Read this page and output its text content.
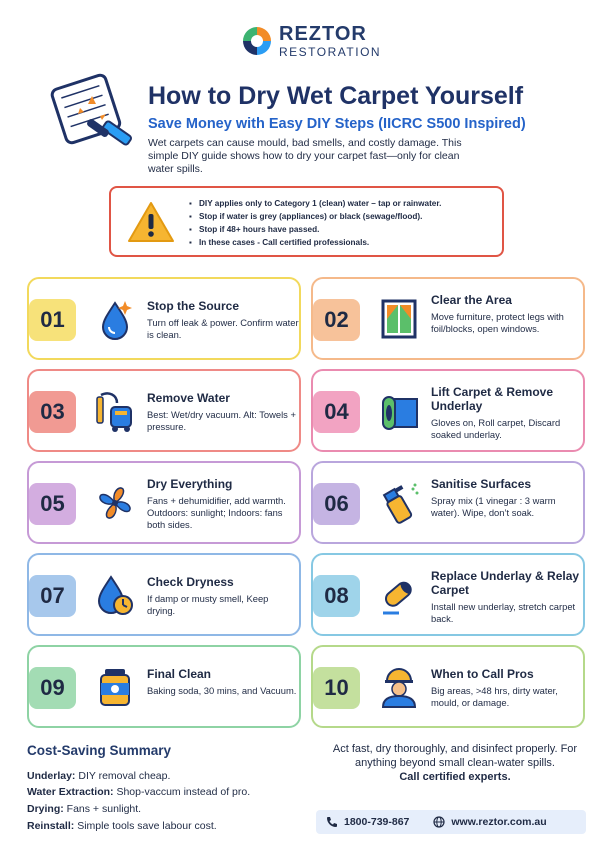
REZTOR
RESTORATION
How to Dry Wet Carpet Yourself
Save Money with Easy DIY Steps (IICRC S500 Inspired)
Wet carpets can cause mould, bad smells, and costly damage. This simple DIY guide shows how to dry your carpet fast—only for clean water spills.
▪ DIY applies only to Category 1 (clean) water – tap or rainwater.
▪ Stop if water is grey (appliances) or black (sewage/flood).
▪ Stop if 48+ hours have passed.
▪ In these cases - Call certified professionals.
01
Stop the Source
Turn off leak & power. Confirm water is clean.
02
Clear the Area
Move furniture, protect legs with foil/blocks, open windows.
03
Remove Water
Best: Wet/dry vacuum. Alt: Towels + pressure.
04
Lift Carpet & Remove Underlay
Gloves on, Roll carpet, Discard soaked underlay.
05
Dry Everything
Fans + dehumidifier, add warmth. Outdoors: sunlight; Indoors: fans both sides.
06
Sanitise Surfaces
Spray mix (1 vinegar : 3 warm water). Wipe, don’t soak.
07
Check Dryness
If damp or musty smell, Keep drying.
08
Replace Underlay & Relay Carpet
Install new underlay, stretch carpet back.
09
Final Clean
Baking soda, 30 mins, and Vacuum.	10
When to Call Pros
Big areas, >48 hrs, dirty water, mould, or damage.
Cost-Saving Summary
Underlay: DIY removal cheap.
Water Extraction: Shop-vaccum instead of pro.
Drying: Fans + sunlight.
Reinstall: Simple tools save labour cost.
Act fast, dry thoroughly, and disinfect properly. For anything beyond small clean-water spills.
Call certified experts.
1800-739-867	www.reztor.com.au
